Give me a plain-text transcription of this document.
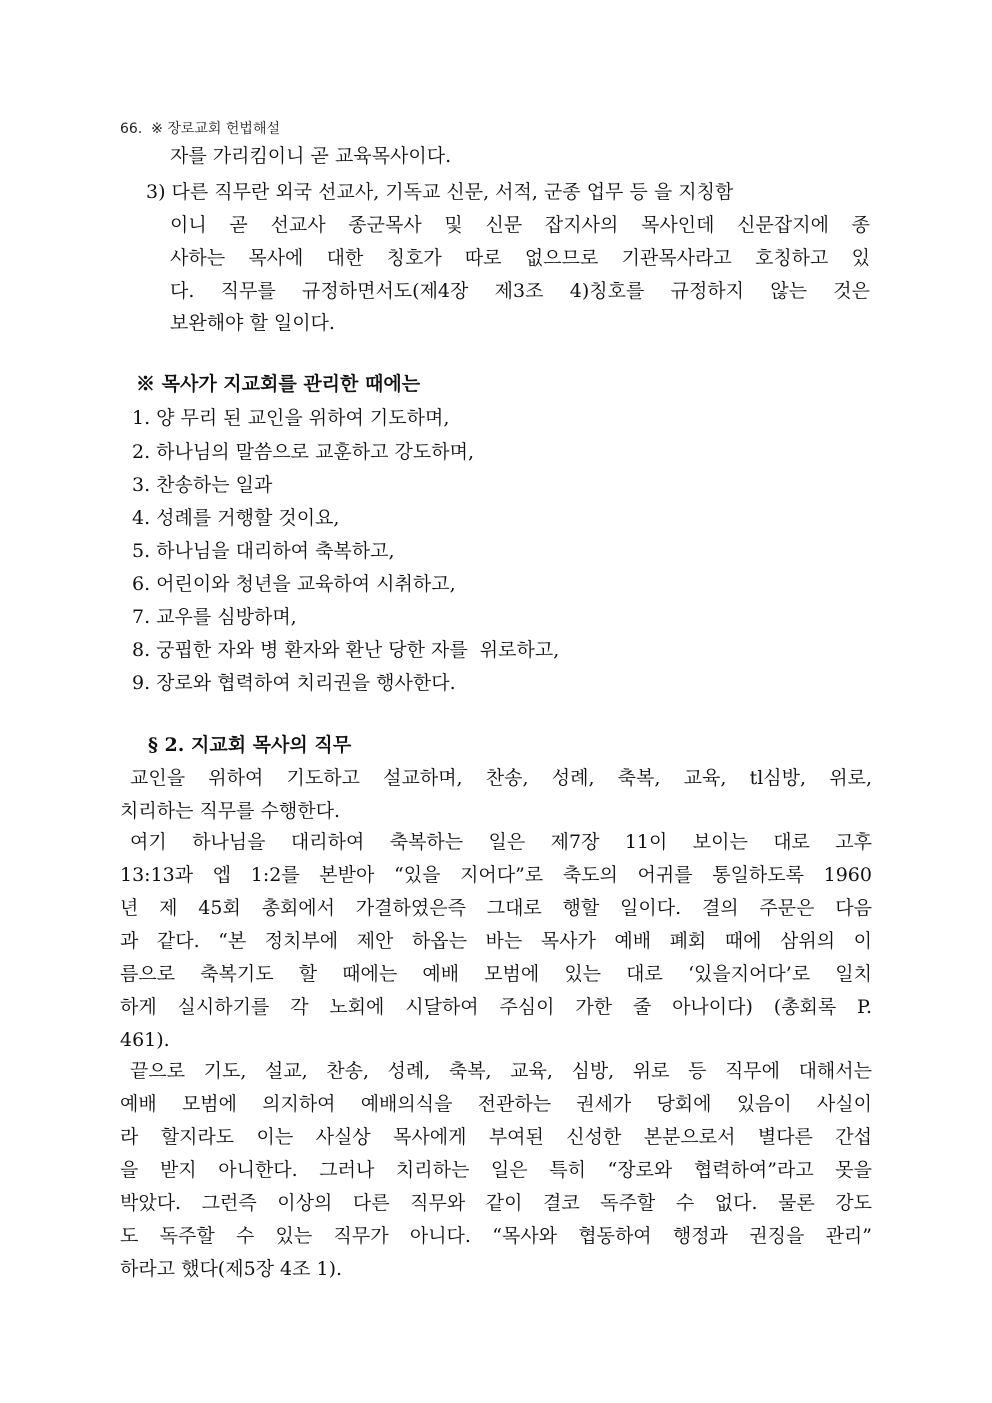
66. ※ 장로교회 헌법해설
자를 가리킴이니 곧 교육목사이다.
3) 다른 직무란 외국 선교사, 기독교 신문, 서적, 군종 업무 등 을 지칭함
이니 곧 선교사 종군목사 및 신문 잡지사의 목사인데 신문잡지에 종
사하는 목사에 대한 칭호가 따로 없으므로 기관목사라고 호칭하고 있
다. 직무를 규정하면서도(제4장 제3조 4)칭호를 규정하지 않는 것은
보완해야 할 일이다.
※ 목사가 지교회를 관리한 때에는
1. 양 무리 된 교인을 위하여 기도하며,
2. 하나님의 말씀으로 교훈하고 강도하며,
3. 찬송하는 일과
4. 성례를 거행할 것이요,
5. 하나님을 대리하여 축복하고,
6. 어린이와 청년을 교육하여 시취하고,
7. 교우를 심방하며,
8. 궁핍한 자와 병 환자와 환난 당한 자를  위로하고,
9. 장로와 협력하여 치리권을 행사한다.
§ 2. 지교회 목사의 직무
교인을 위하여 기도하고 설교하며, 찬송, 성례, 축복, 교육, tl심방, 위로,
치리하는 직무를 수행한다.
여기 하나님을 대리하여 축복하는 일은 제7장 11이 보이는 대로 고후
13:13과 엡 1:2를 본받아 “있을 지어다”로 축도의 어귀를 통일하도록 1960
년 제 45회 총회에서 가결하였은즉 그대로 행할 일이다. 결의 주문은 다음
과 같다. “본 정치부에 제안 하옵는 바는 목사가 예배 폐회 때에 삼위의 이
름으로 축복기도 할 때에는 예배 모범에 있는 대로 ‘있을지어다’로 일치
하게 실시하기를 각 노회에 시달하여 주심이 가한 줄 아나이다) (총회록 P.
461).
끝으로 기도, 설교, 찬송, 성례, 축복, 교육, 심방, 위로 등 직무에 대해서는
예배 모범에 의지하여 예배의식을 전관하는 권세가 당회에 있음이 사실이
라 할지라도 이는 사실상 목사에게 부여된 신성한 본분으로서 별다른 간섭
을 받지 아니한다. 그러나 치리하는 일은 특히 “장로와 협력하여”라고 못을
박았다. 그런즉 이상의 다른 직무와 같이 결코 독주할 수 없다. 물론 강도
도 독주할 수 있는 직무가 아니다. “목사와 협동하여 행정과 권징을 관리”
하라고 했다(제5장 4조 1).
